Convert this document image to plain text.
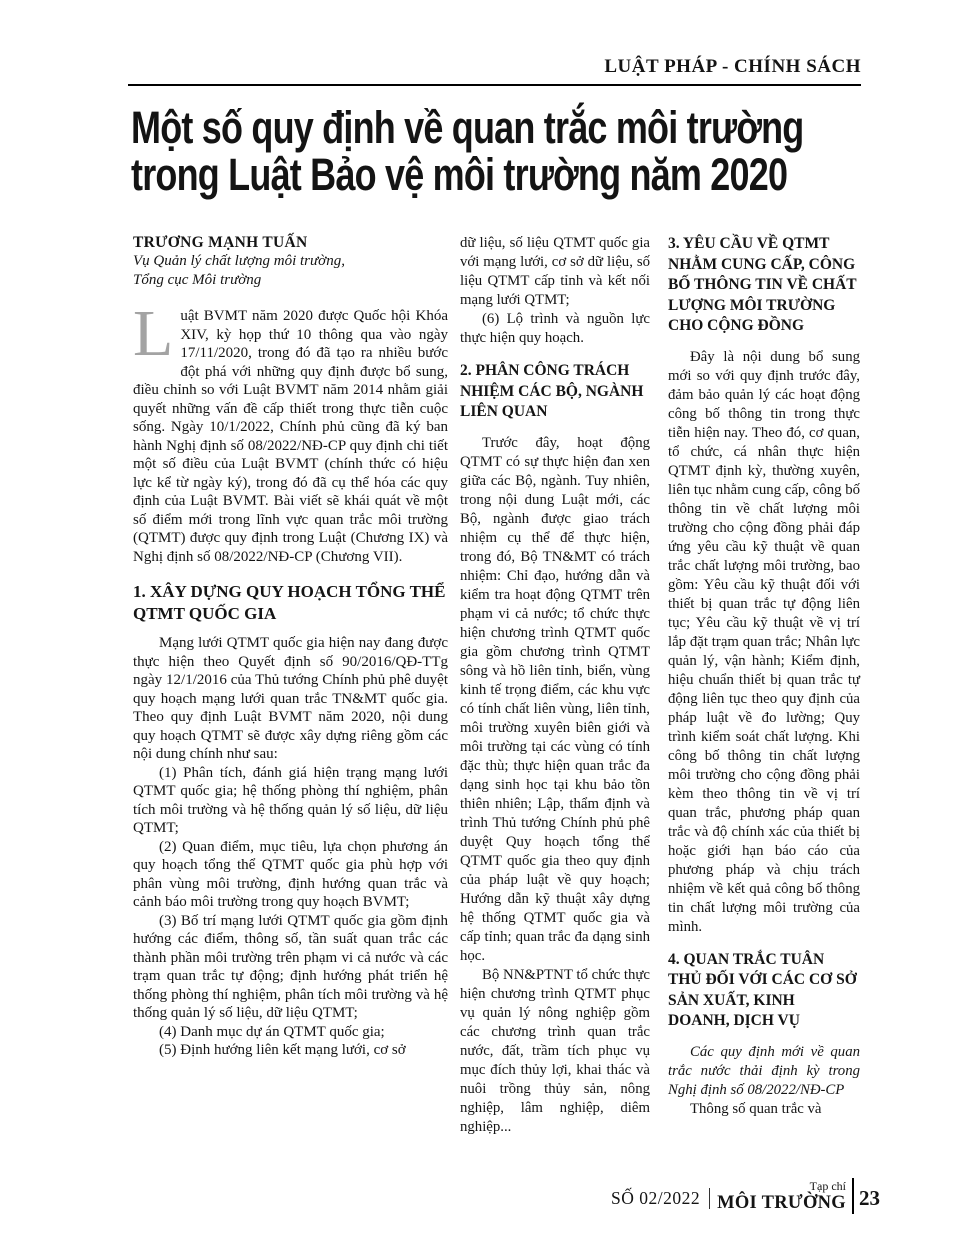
LUẬT PHÁP - CHÍNH SÁCH
Một số quy định về quan trắc môi trường
trong Luật Bảo vệ môi trường năm 2020
TRƯƠNG MẠNH TUẤN
Vụ Quản lý chất lượng môi trường,
Tổng cục Môi trường

Luật BVMT năm 2020 được Quốc hội Khóa XIV, kỳ họp thứ 10 thông qua vào ngày 17/11/2020, trong đó đã tạo ra nhiều bước đột phá với những quy định được bổ sung, điều chỉnh so với Luật BVMT năm 2014 nhằm giải quyết những vấn đề cấp thiết trong thực tiễn cuộc sống. Ngày 10/1/2022, Chính phủ cũng đã ký ban hành Nghị định số 08/2022/NĐ-CP quy định chi tiết một số điều của Luật BVMT (chính thức có hiệu lực kể từ ngày ký), trong đó đã cụ thể hóa các quy định của Luật BVMT. Bài viết sẽ khái quát về một số điểm mới trong lĩnh vực quan trắc môi trường (QTMT) được quy định trong Luật (Chương IX) và Nghị định số 08/2022/NĐ-CP (Chương VII).

1. XÂY DỰNG QUY HOẠCH TỔNG THỂ QTMT QUỐC GIA

Mạng lưới QTMT quốc gia hiện nay đang được thực hiện theo Quyết định số 90/2016/QĐ-TTg ngày 12/1/2016 của Thủ tướng Chính phủ phê duyệt quy hoạch mạng lưới quan trắc TN&MT quốc gia. Theo quy định Luật BVMT năm 2020, nội dung quy hoạch QTMT sẽ được xây dựng riêng gồm các nội dung chính như sau:

(1) Phân tích, đánh giá hiện trạng mạng lưới QTMT quốc gia; hệ thống phòng thí nghiệm, phân tích môi trường và hệ thống quản lý số liệu, dữ liệu QTMT;

(2) Quan điểm, mục tiêu, lựa chọn phương án quy hoạch tổng thể QTMT quốc gia phù hợp với phân vùng môi trường, định hướng quan trắc và cảnh báo môi trường trong quy hoạch BVMT;

(3) Bố trí mạng lưới QTMT quốc gia gồm định hướng các điểm, thông số, tần suất quan trắc các thành phần môi trường trên phạm vi cả nước và các trạm quan trắc tự động; định hướng phát triển hệ thống phòng thí nghiệm, phân tích môi trường và hệ thống quản lý số liệu, dữ liệu QTMT;

(4) Danh mục dự án QTMT quốc gia;

(5) Định hướng liên kết mạng lưới, cơ sở

dữ liệu, số liệu QTMT quốc gia với mạng lưới, cơ sở dữ liệu, số liệu QTMT cấp tỉnh và kết nối mạng lưới QTMT;

(6) Lộ trình và nguồn lực thực hiện quy hoạch.

2. PHÂN CÔNG TRÁCH NHIỆM CÁC BỘ, NGÀNH LIÊN QUAN

Trước đây, hoạt động QTMT có sự thực hiện đan xen giữa các Bộ, ngành. Tuy nhiên, trong nội dung Luật mới, các Bộ, ngành được giao trách nhiệm cụ thể để thực hiện, trong đó, Bộ TN&MT có trách nhiệm: Chỉ đạo, hướng dẫn và kiểm tra hoạt động QTMT trên phạm vi cả nước; tổ chức thực hiện chương trình QTMT quốc gia gồm chương trình QTMT sông và hồ liên tỉnh, biển, vùng kinh tế trọng điểm, các khu vực có tính chất liên vùng, liên tỉnh, môi trường xuyên biên giới và môi trường tại các vùng có tính đặc thù; thực hiện quan trắc đa dạng sinh học tại khu bảo tồn thiên nhiên; Lập, thẩm định và trình Thủ tướng Chính phủ phê duyệt Quy hoạch tổng thể QTMT quốc gia theo quy định của pháp luật về quy hoạch; Hướng dẫn kỹ thuật xây dựng hệ thống QTMT quốc gia và cấp tỉnh; quan trắc đa dạng sinh học.

Bộ NN&PTNT tổ chức thực hiện chương trình QTMT phục vụ quản lý nông nghiệp gồm các chương trình quan trắc nước, đất, trầm tích phục vụ mục đích thủy lợi, khai thác và nuôi trồng thủy sản, nông nghiệp, lâm nghiệp, diêm nghiệp...

3. YÊU CẦU VỀ QTMT NHẰM CUNG CẤP, CÔNG BỐ THÔNG TIN VỀ CHẤT LƯỢNG MÔI TRƯỜNG CHO CỘNG ĐỒNG

Đây là nội dung bổ sung mới so với quy định trước đây, đảm bảo quản lý các hoạt động công bố thông tin trong thực tiễn hiện nay. Theo đó, cơ quan, tổ chức, cá nhân thực hiện QTMT định kỳ, thường xuyên, liên tục nhằm cung cấp, công bố thông tin về chất lượng môi trường cho cộng đồng phải đáp ứng yêu cầu kỹ thuật về quan trắc chất lượng môi trường, bao gồm: Yêu cầu kỹ thuật đối với thiết bị quan trắc tự động liên tục; Yêu cầu kỹ thuật về vị trí lắp đặt trạm quan trắc; Nhân lực quản lý, vận hành; Kiểm định, hiệu chuẩn thiết bị quan trắc tự động liên tục theo quy định của pháp luật về đo lường; Quy trình kiểm soát chất lượng. Khi công bố thông tin chất lượng môi trường cho cộng đồng phải kèm theo thông tin về vị trí quan trắc, phương pháp quan trắc và độ chính xác của thiết bị hoặc giới hạn báo cáo của phương pháp và chịu trách nhiệm về kết quả công bố thông tin chất lượng môi trường của mình.

4. QUAN TRẮC TUÂN THỦ ĐỐI VỚI CÁC CƠ SỞ SẢN XUẤT, KINH DOANH, DỊCH VỤ

Các quy định mới về quan trắc nước thải định kỳ trong Nghị định số 08/2022/NĐ-CP

Thông số quan trắc và

SỐ 02/2022
Tạp chí
MÔI TRƯỜNG 23
